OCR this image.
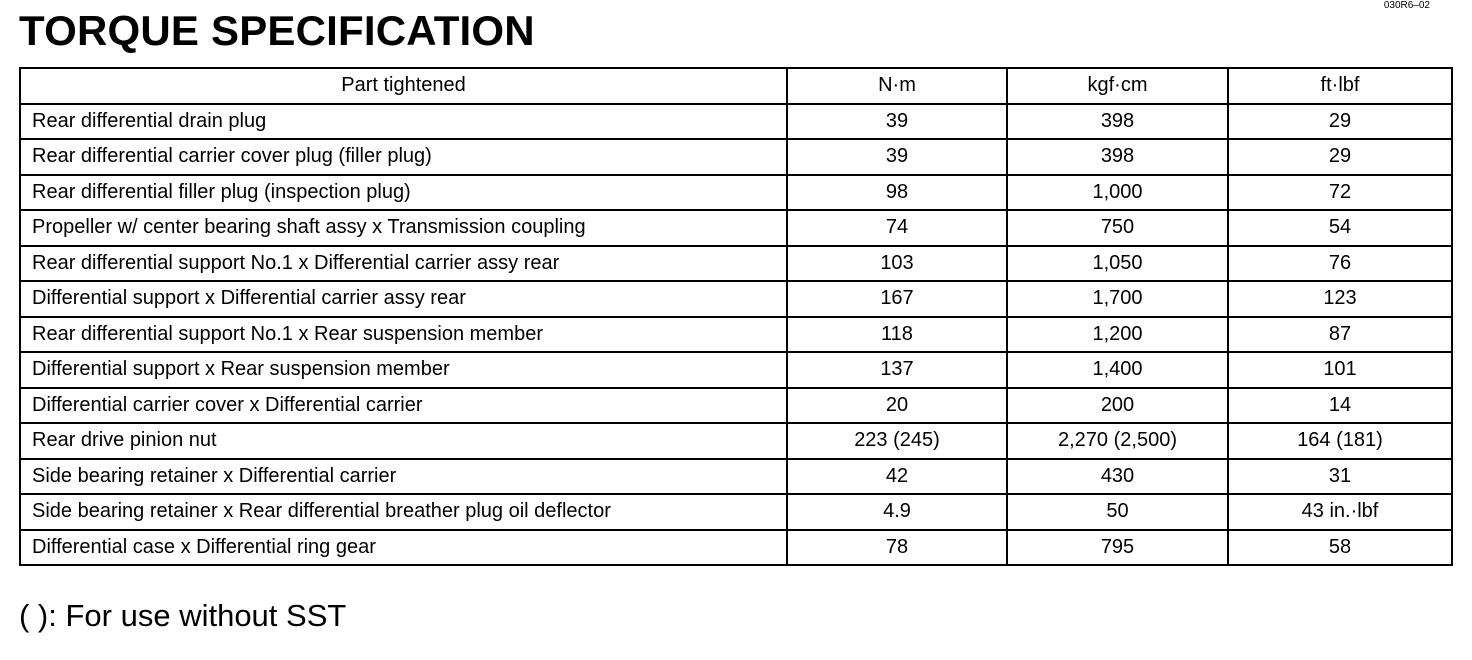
030R6–02
TORQUE SPECIFICATION
Part tightened	N·m	kgf·cm	ft·lbf
Rear differential drain plug	39	398	29
Rear differential carrier cover plug (filler plug)	39	398	29
Rear differential filler plug (inspection plug)	98	1,000	72
Propeller w/ center bearing shaft assy x Transmission coupling	74	750	54
Rear differential support No.1 x Differential carrier assy rear	103	1,050	76
Differential support x Differential carrier assy rear	167	1,700	123
Rear differential support No.1 x Rear suspension member	118	1,200	87
Differential support x Rear suspension member	137	1,400	101
Differential carrier cover x Differential carrier	20	200	14
Rear drive pinion nut	223 (245)	2,270 (2,500)	164 (181)
Side bearing retainer x Differential carrier	42	430	31
Side bearing retainer x Rear differential breather plug oil deflector	4.9	50	43 in.·lbf
Differential case x Differential ring gear	78	795	58
( ): For use without SST
